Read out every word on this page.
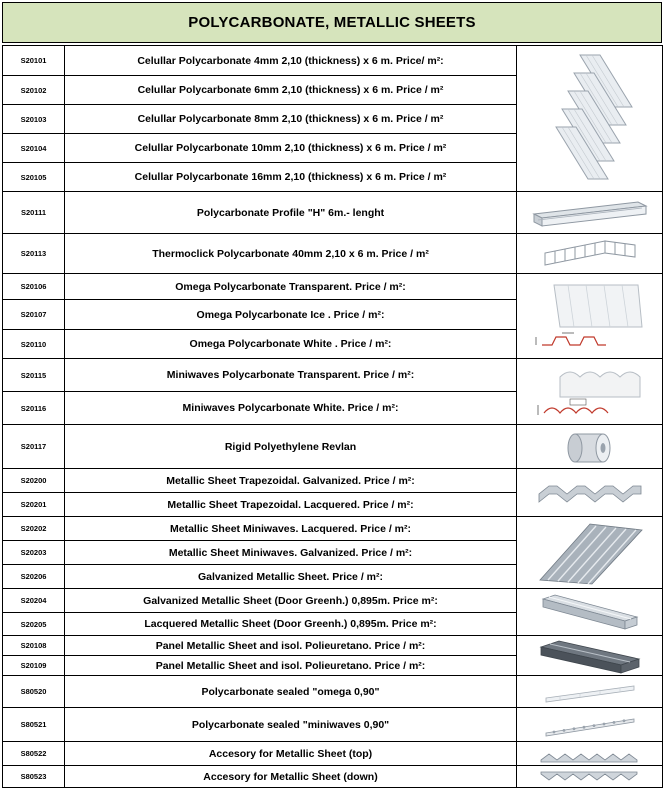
POLYCARBONATE, METALLIC SHEETS
S20101	Celullar Polycarbonate 4mm 2,10 (thickness) x 6 m. Price/ m²:	

S20102	Celullar Polycarbonate 6mm 2,10 (thickness) x 6 m. Price / m²	
S20103	Celullar Polycarbonate 8mm 2,10 (thickness) x 6 m. Price / m²	
S20104	Celullar Polycarbonate 10mm 2,10 (thickness) x 6 m. Price / m²	
S20105	Celullar Polycarbonate 16mm 2,10 (thickness) x 6 m. Price / m²	
S20111	Polycarbonate Profile "H" 6m.- lenght	

S20113	Thermoclick Polycarbonate 40mm 2,10 x 6 m. Price / m²	

S20106	Omega Polycarbonate Transparent. Price / m²:	

S20107	Omega Polycarbonate Ice . Price / m²:	
S20110	Omega Polycarbonate White . Price / m²:	
S20115	Miniwaves Polycarbonate Transparent. Price / m²:	

S20116	Miniwaves Polycarbonate White. Price / m²:	
S20117	Rigid Polyethylene Revlan	

S20200	Metallic Sheet Trapezoidal. Galvanized. Price / m²:	

S20201	Metallic Sheet Trapezoidal. Lacquered. Price / m²:	
S20202	Metallic Sheet Miniwaves. Lacquered. Price / m²:	

S20203	Metallic Sheet Miniwaves. Galvanized. Price / m²:	
S20206	Galvanized Metallic Sheet. Price / m²:	
S20204	Galvanized Metallic Sheet (Door Greenh.) 0,895m. Price m²:	

S20205	Lacquered Metallic Sheet (Door Greenh.) 0,895m. Price m²:	
S20108	Panel Metallic Sheet and isol. Polieuretano. Price / m²:	

S20109	Panel Metallic Sheet and isol. Polieuretano. Price / m²:	
S80520	Polycarbonate sealed "omega 0,90"	

S80521	Polycarbonate sealed "miniwaves 0,90"	

S80522	Accesory for Metallic Sheet (top)	

S80523	Accesory for Metallic Sheet (down)	
